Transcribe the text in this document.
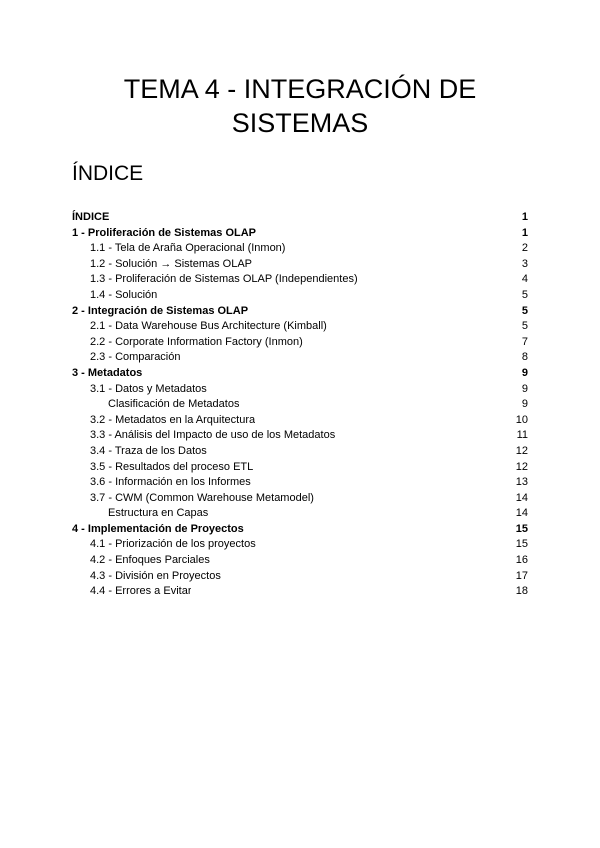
TEMA 4 - INTEGRACIÓN DE
SISTEMAS
ÍNDICE
ÍNDICE	1
1 - Proliferación de Sistemas OLAP	1
1.1 - Tela de Araña Operacional (Inmon)	2
1.2 - Solución → Sistemas OLAP	3
1.3 - Proliferación de Sistemas OLAP (Independientes)	4
1.4 - Solución	5
2 - Integración de Sistemas OLAP	5
2.1 - Data Warehouse Bus Architecture (Kimball)	5
2.2 - Corporate Information Factory (Inmon)	7
2.3 - Comparación	8
3 - Metadatos	9
3.1 - Datos y Metadatos	9
Clasificación de Metadatos	9
3.2 - Metadatos en la Arquitectura	10
3.3 - Análisis del Impacto de uso de los Metadatos	11
3.4 - Traza de los Datos	12
3.5 - Resultados del proceso ETL	12
3.6 - Información en los Informes	13
3.7 - CWM (Common Warehouse Metamodel)	14
Estructura en Capas	14
4 - Implementación de Proyectos	15
4.1 - Priorización de los proyectos	15
4.2 - Enfoques Parciales	16
4.3 - División en Proyectos	17
4.4 - Errores a Evitar	18
